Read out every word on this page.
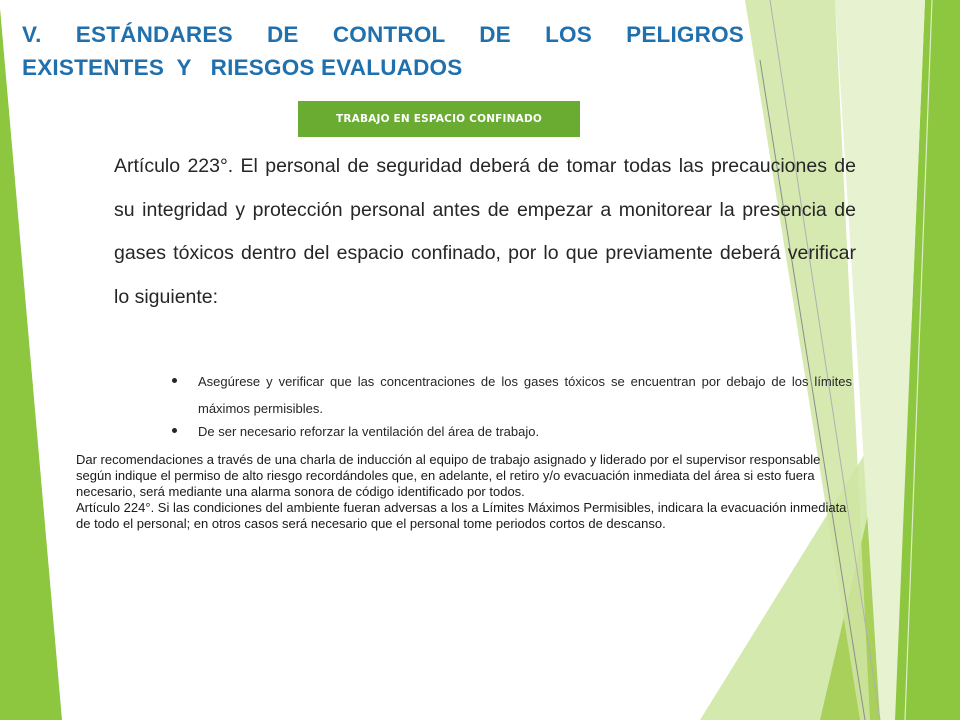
V. ESTÁNDARES DE CONTROL DE LOS PELIGROS
EXISTENTES  Y   RIESGOS EVALUADOS
TRABAJO EN ESPACIO CONFINADO

Artículo 223°. El personal de seguridad deberá de tomar todas las precauciones de su integridad y protección personal antes de empezar a monitorear la presencia de gases tóxicos dentro del espacio confinado, por lo que previamente deberá verificar lo siguiente:

Asegúrese y verificar que las concentraciones de los gases tóxicos se encuentran por debajo de los límites máximos permisibles.
De ser necesario reforzar la ventilación del área de trabajo.

Dar recomendaciones a través de una charla de inducción al equipo de trabajo asignado y liderado por el supervisor responsable según indique el permiso de alto riesgo recordándoles que, en adelante, el retiro y/o evacuación inmediata del área si esto fuera necesario, será mediante una alarma sonora de código identificado por todos.

Artículo 224°. Si las condiciones del ambiente fueran adversas a los a Límites Máximos Permisibles, indicara la evacuación inmediata de todo el personal; en otros casos será necesario que el personal tome periodos cortos de descanso.
